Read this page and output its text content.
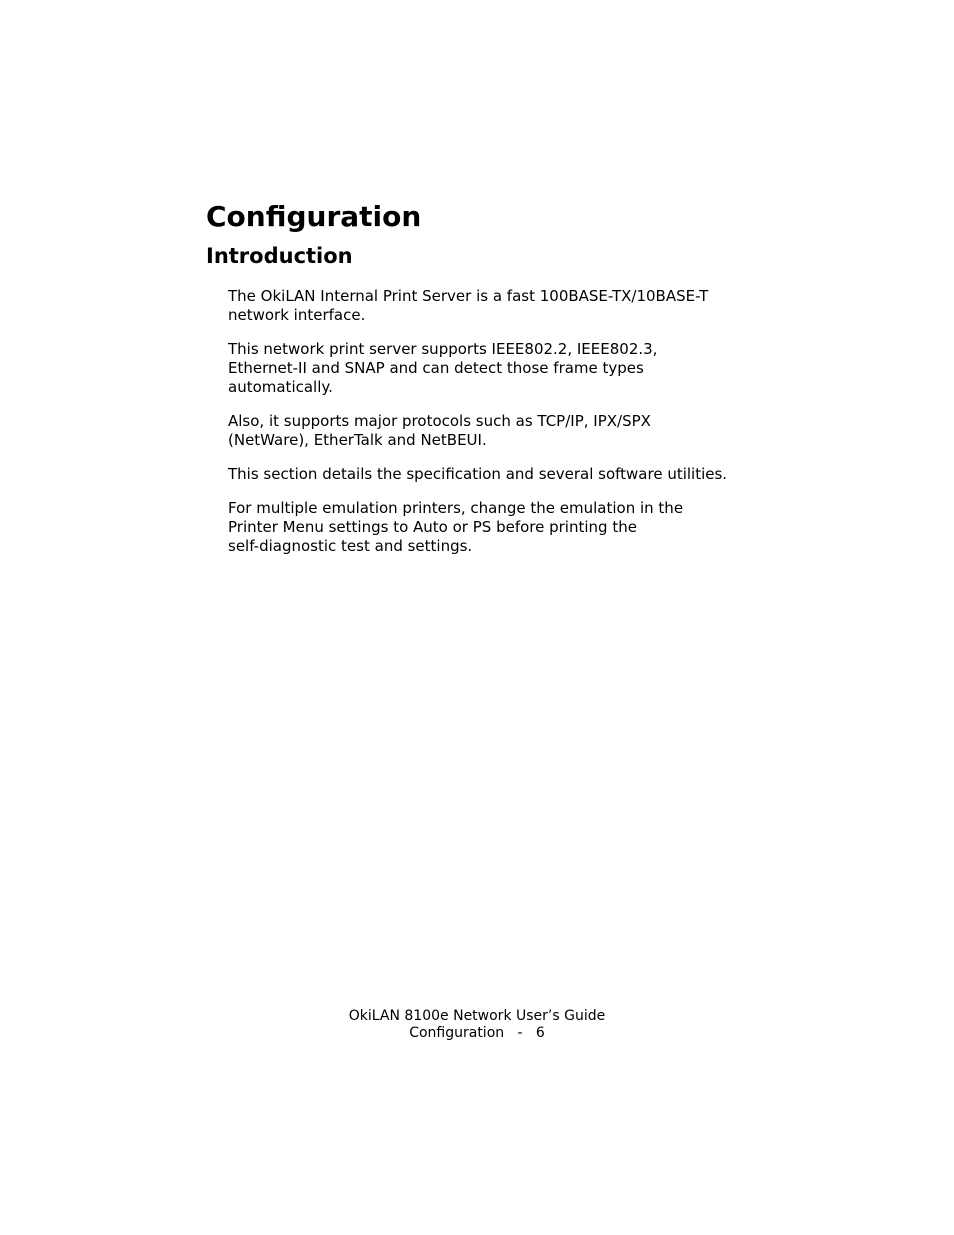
Configuration
Introduction

The OkiLAN Internal Print Server is a fast 100BASE-TX/10BASE-T
network interface.

This network print server supports IEEE802.2, IEEE802.3,
Ethernet-II and SNAP and can detect those frame types
automatically.

Also, it supports major protocols such as TCP/IP, IPX/SPX
(NetWare), EtherTalk and NetBEUI.

This section details the specification and several software utilities.

For multiple emulation printers, change the emulation in the
Printer Menu settings to Auto or PS before printing the
self-diagnostic test and settings.

OkiLAN 8100e Network User’s Guide
Configuration   -   6
